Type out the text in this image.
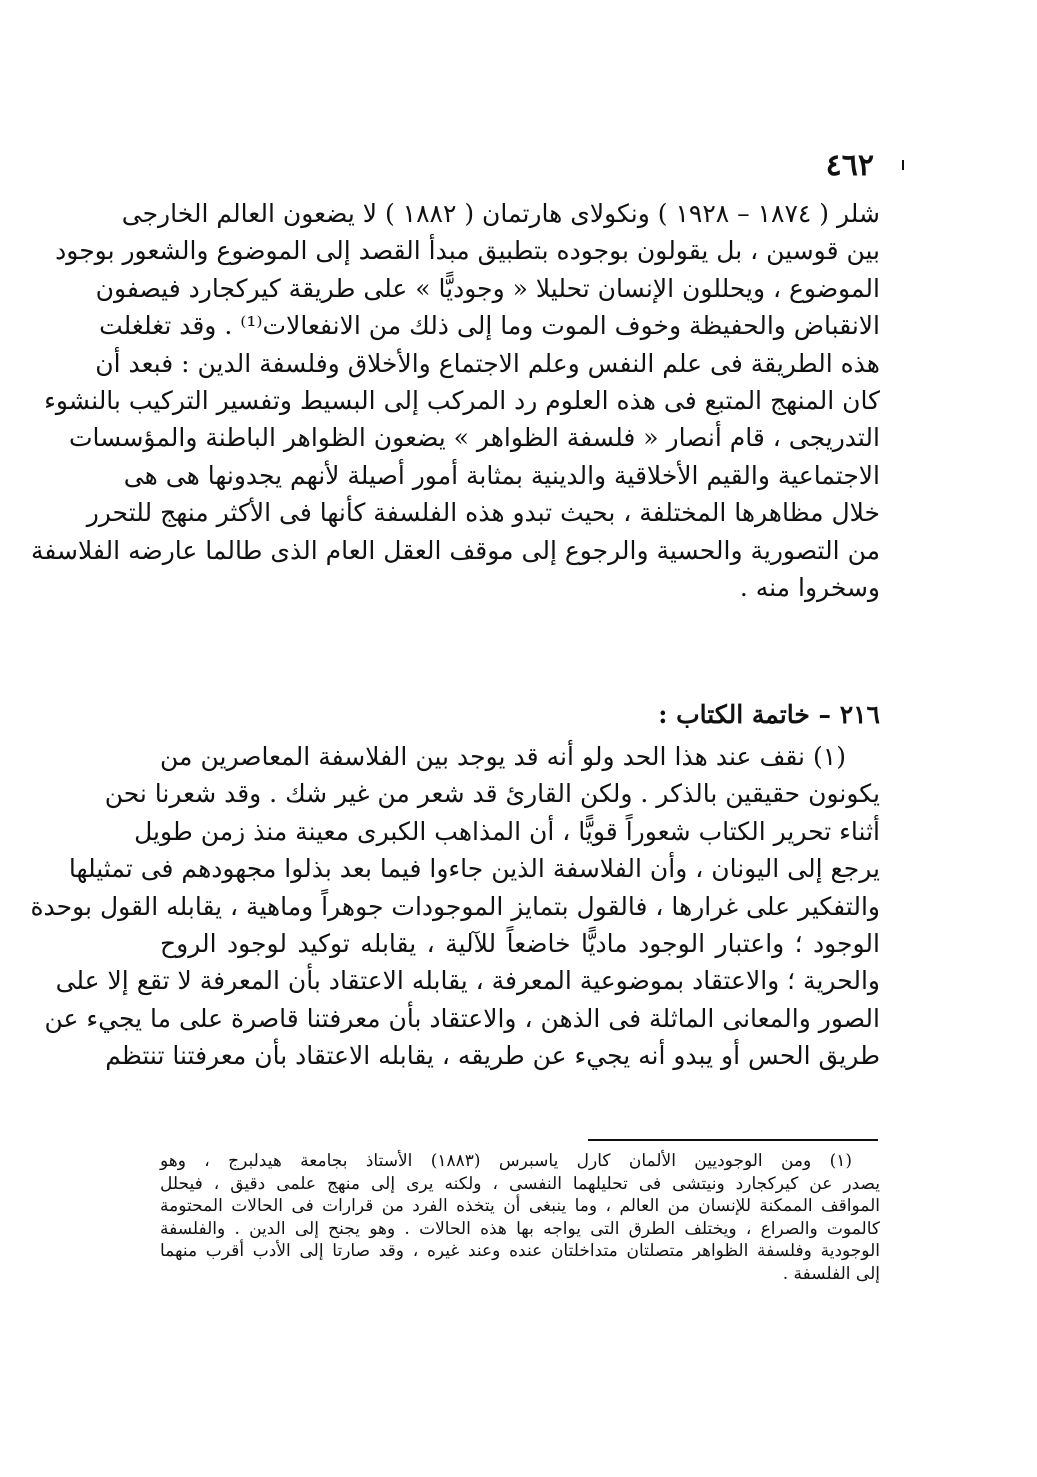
٤٦٢
شلر ( ١٨٧٤ – ١٩٢٨ ) ونكولاى هارتمان ( ١٨٨٢ ) لا يضعون العالم الخارجى
بين قوسين ، بل يقولون بوجوده بتطبيق مبدأ القصد إلى الموضوع والشعور بوجود
الموضوع ، ويحللون الإنسان تحليلا « وجوديًّا » على طريقة كيركجارد فيصفون
الانقباض والحفيظة وخوف الموت وما إلى ذلك من الانفعالات⁽¹⁾ . وقد تغلغلت
هذه الطريقة فى علم النفس وعلم الاجتماع والأخلاق وفلسفة الدين : فبعد أن
كان المنهج المتبع فى هذه العلوم رد المركب إلى البسيط وتفسير التركيب بالنشوء
التدريجى ، قام أنصار « فلسفة الظواهر » يضعون الظواهر الباطنة والمؤسسات
الاجتماعية والقيم الأخلاقية والدينية بمثابة أمور أصيلة لأنهم يجدونها هى هى
خلال مظاهرها المختلفة ، بحيث تبدو هذه الفلسفة كأنها فى الأكثر منهج للتحرر
من التصورية والحسية والرجوع إلى موقف العقل العام الذى طالما عارضه الفلاسفة
وسخروا منه .
٢١٦ – خاتمة الكتاب :
(١) نقف عند هذا الحد ولو أنه قد يوجد بين الفلاسفة المعاصرين من
يكونون حقيقين بالذكر . ولكن القارئ قد شعر من غير شك . وقد شعرنا نحن
أثناء تحرير الكتاب شعوراً قويًّا ، أن المذاهب الكبرى معينة منذ زمن طويل
يرجع إلى اليونان ، وأن الفلاسفة الذين جاءوا فيما بعد بذلوا مجهودهم فى تمثيلها
والتفكير على غرارها ، فالقول بتمايز الموجودات جوهراً وماهية ، يقابله القول بوحدة
الوجود ؛ واعتبار الوجود ماديًّا خاضعاً للآلية ، يقابله توكيد لوجود الروح
والحرية ؛ والاعتقاد بموضوعية المعرفة ، يقابله الاعتقاد بأن المعرفة لا تقع إلا على
الصور والمعانى الماثلة فى الذهن ، والاعتقاد بأن معرفتنا قاصرة على ما يجيء عن
طريق الحس أو يبدو أنه يجيء عن طريقه ، يقابله الاعتقاد بأن معرفتنا تنتظم
(١) ومن الوجوديين الألمان كارل ياسبرس (١٨٨٣) الأستاذ بجامعة هيدلبرج ، وهو
يصدر عن كيركجارد ونيتشى فى تحليلهما النفسى ، ولكنه يرى إلى منهج علمى دقيق ، فيحلل
المواقف الممكنة للإنسان من العالم ، وما ينبغى أن يتخذه الفرد من قرارات فى الحالات المحتومة
كالموت والصراع ، ويختلف الطرق التى يواجه بها هذه الحالات . وهو يجنح إلى الدين . والفلسفة
الوجودية وفلسفة الظواهر متصلتان متداخلتان عنده وعند غيره ، وقد صارتا إلى الأدب أقرب منهما
إلى الفلسفة .
